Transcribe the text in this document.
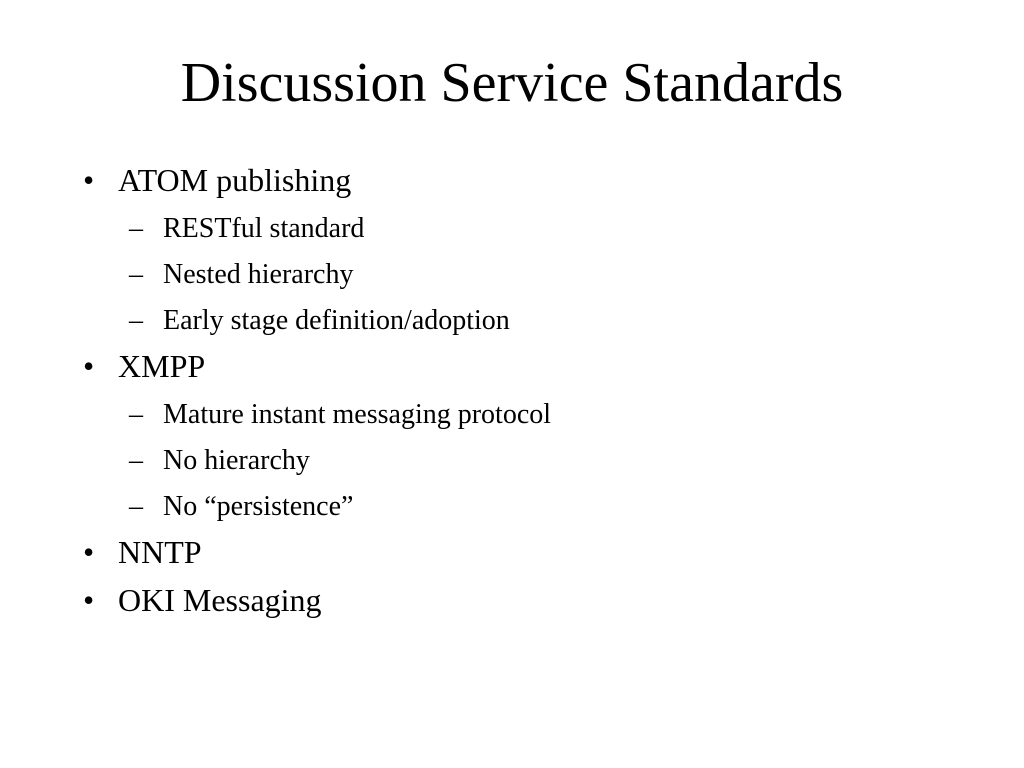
Discussion Service Standards
• ATOM publishing
– RESTful standard
– Nested hierarchy
– Early stage definition/adoption
• XMPP
– Mature instant messaging protocol
– No hierarchy
– No “persistence”
• NNTP
• OKI Messaging
